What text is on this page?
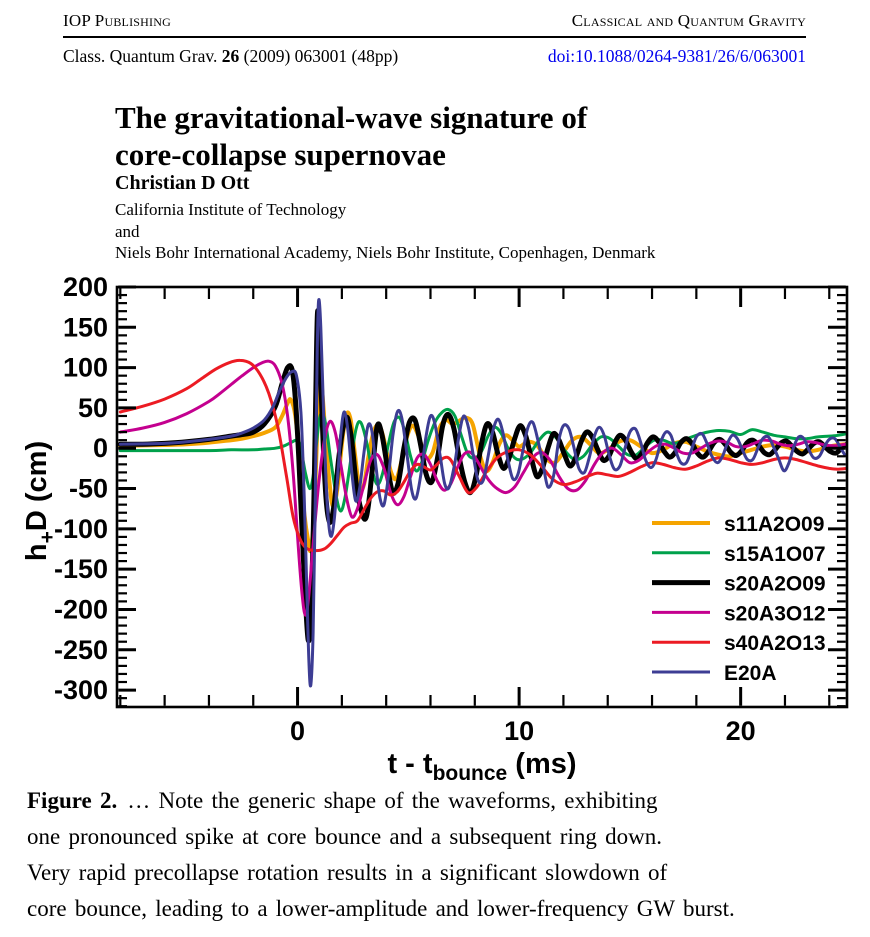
IOP Publishing	Classical and Quantum Gravity
Class. Quantum Grav. 26 (2009) 063001 (48pp)	doi:10.1088/0264-9381/26/6/063001
The gravitational-wave signature of
core-collapse supernovae
Christian D Ott
California Institute of Technology
and
Niels Bohr International Academy, Niels Bohr Institute, Copenhagen, Denmark
0	10	20
200
150
100
50
0
-50
-100
-150
-200
-250
-300
t - $t_{bounce}$ (ms)
$h_+D$ (cm)	s11A2O09
s15A1O07
s20A2O09
s20A3O12
s40A2O13
E20A
Figure 2. … Note the generic shape of the waveforms, exhibiting
one pronounced spike at core bounce and a subsequent ring down.
Very rapid precollapse rotation results in a significant slowdown of
core bounce, leading to a lower-amplitude and lower-frequency GW burst.
